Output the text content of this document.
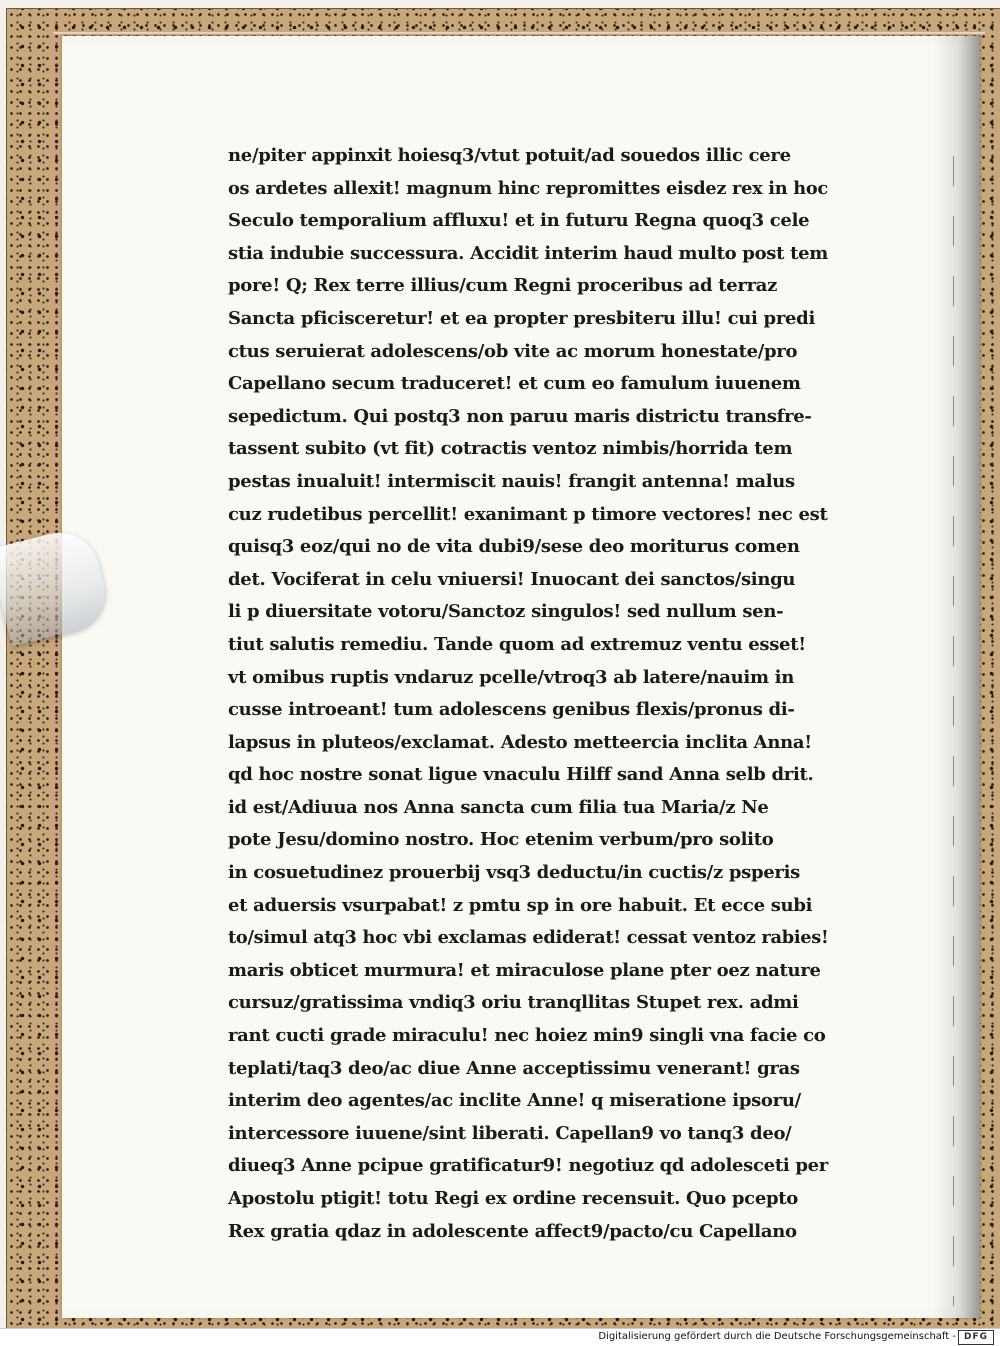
ne/piter appinxit hoiesq3/vtut potuit/ad souedos illic cere
os ardetes allexit! magnum hinc repromittes eisdez rex in hoc
Seculo temporalium affluxu! et in futuru Regna quoq3 cele
stia indubie successura. Accidit interim haud multo post tem
pore! Q; Rex terre illius/cum Regni proceribus ad terraz
Sancta pficisceretur! et ea propter presbiteru illu! cui predi
ctus seruierat adolescens/ob vite ac morum honestate/pro
Capellano secum traduceret! et cum eo famulum iuuenem
sepedictum. Qui postq3 non paruu maris districtu transfre-
tassent subito (vt fit) cotractis ventoz nimbis/horrida tem
pestas inualuit! intermiscit nauis! frangit antenna! malus
cuz rudetibus percellit! exanimant p timore vectores! nec est
quisq3 eoz/qui no de vita dubi9/sese deo moriturus comen
det. Vociferat in celu vniuersi! Inuocant dei sanctos/singu
li p diuersitate votoru/Sanctoz singulos! sed nullum sen-
tiut salutis remediu. Tande quom ad extremuz ventu esset!
vt omibus ruptis vndaruz pcelle/vtroq3 ab latere/nauim in
cusse introeant! tum adolescens genibus flexis/pronus di-
lapsus in pluteos/exclamat. Adesto metteercia inclita Anna!
qd hoc nostre sonat ligue vnaculu Hilff sand Anna selb drit.
id est/Adiuua nos Anna sancta cum filia tua Maria/z Ne
pote Jesu/domino nostro. Hoc etenim verbum/pro solito
in cosuetudinez prouerbij vsq3 deductu/in cuctis/z psperis
et aduersis vsurpabat! z pmtu sp in ore habuit. Et ecce subi
to/simul atq3 hoc vbi exclamas ediderat! cessat ventoz rabies!
maris obticet murmura! et miraculose plane pter oez nature
cursuz/gratissima vndiq3 oriu tranqllitas Stupet rex. admi
rant cucti grade miraculu! nec hoiez min9 singli vna facie co
teplati/taq3 deo/ac diue Anne acceptissimu venerant! gras
interim deo agentes/ac inclite Anne! q miseratione ipsoru/
intercessore iuuene/sint liberati. Capellan9 vo tanq3 deo/
diueq3 Anne pcipue gratificatur9! negotiuz qd adolesceti per
Apostolu ptigit! totu Regi ex ordine recensuit. Quo pcepto
Rex gratia qdaz in adolescente affect9/pacto/cu Capellano
Digitalisierung gefördert durch die Deutsche Forschungsgemeinschaft - DFG
